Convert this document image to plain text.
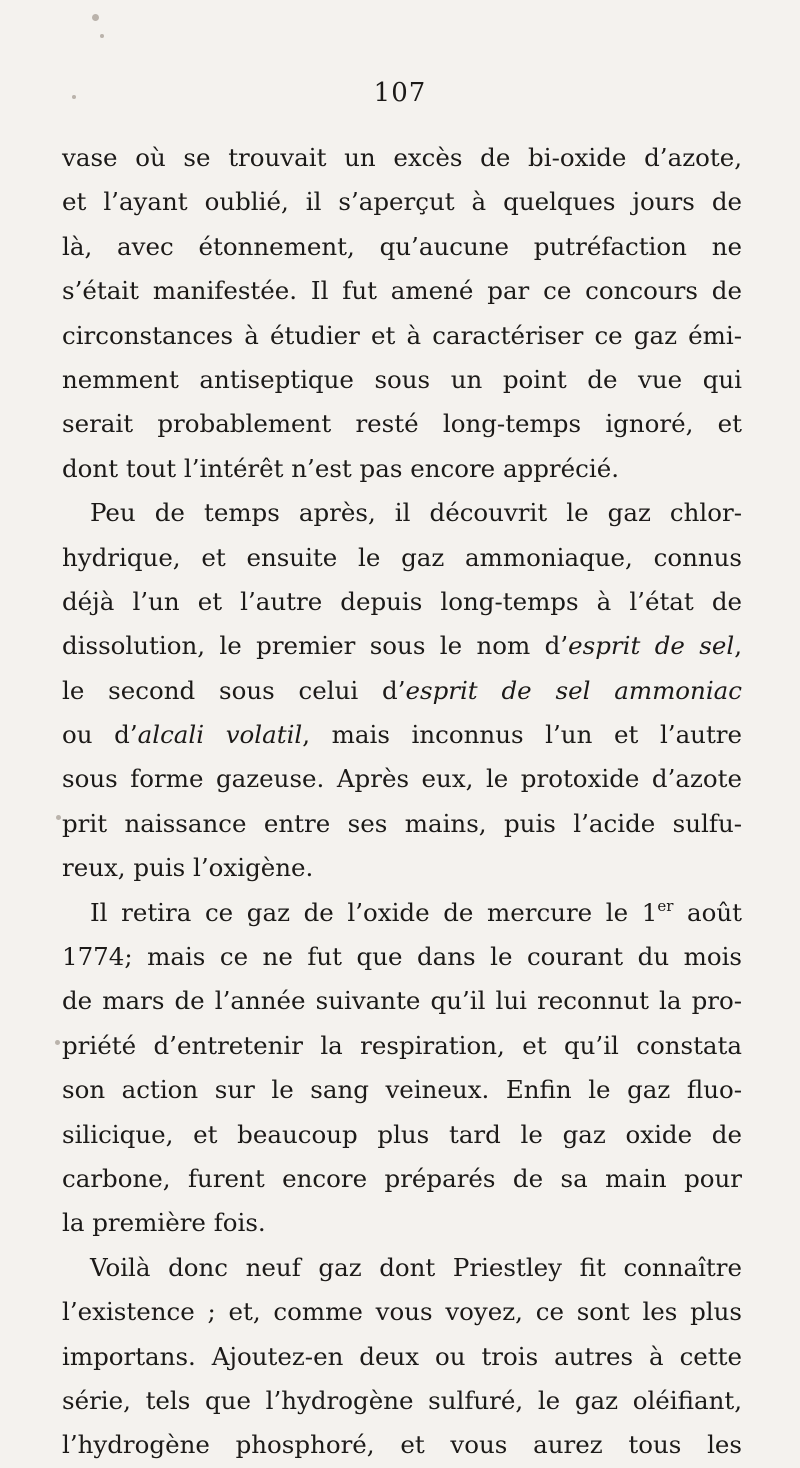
107
vase où se trouvait un excès de bi-oxide d’azote,
et l’ayant oublié, il s’aperçut à quelques jours de
là, avec étonnement, qu’aucune putréfaction ne
s’était manifestée. Il fut amené par ce concours de
circonstances à étudier et à caractériser ce gaz émi-
nemment antiseptique sous un point de vue qui
serait probablement resté long-temps ignoré, et
dont tout l’intérêt n’est pas encore apprécié.
Peu de temps après, il découvrit le gaz chlor-
hydrique, et ensuite le gaz ammoniaque, connus
déjà l’un et l’autre depuis long-temps à l’état de
dissolution, le premier sous le nom d’esprit de sel,
le second sous celui d’esprit de sel ammoniac
ou d’alcali volatil, mais inconnus l’un et l’autre
sous forme gazeuse. Après eux, le protoxide d’azote
prit naissance entre ses mains, puis l’acide sulfu-
reux, puis l’oxigène.
Il retira ce gaz de l’oxide de mercure le 1er août
1774; mais ce ne fut que dans le courant du mois
de mars de l’année suivante qu’il lui reconnut la pro-
priété d’entretenir la respiration, et qu’il constata
son action sur le sang veineux. Enfin le gaz fluo-
silicique, et beaucoup plus tard le gaz oxide de
carbone, furent encore préparés de sa main pour
la première fois.
Voilà donc neuf gaz dont Priestley fit connaître
l’existence ; et, comme vous voyez, ce sont les plus
importans. Ajoutez-en deux ou trois autres à cette
série, tels que l’hydrogène sulfuré, le gaz oléifiant,
l’hydrogène phosphoré, et vous aurez tous les
